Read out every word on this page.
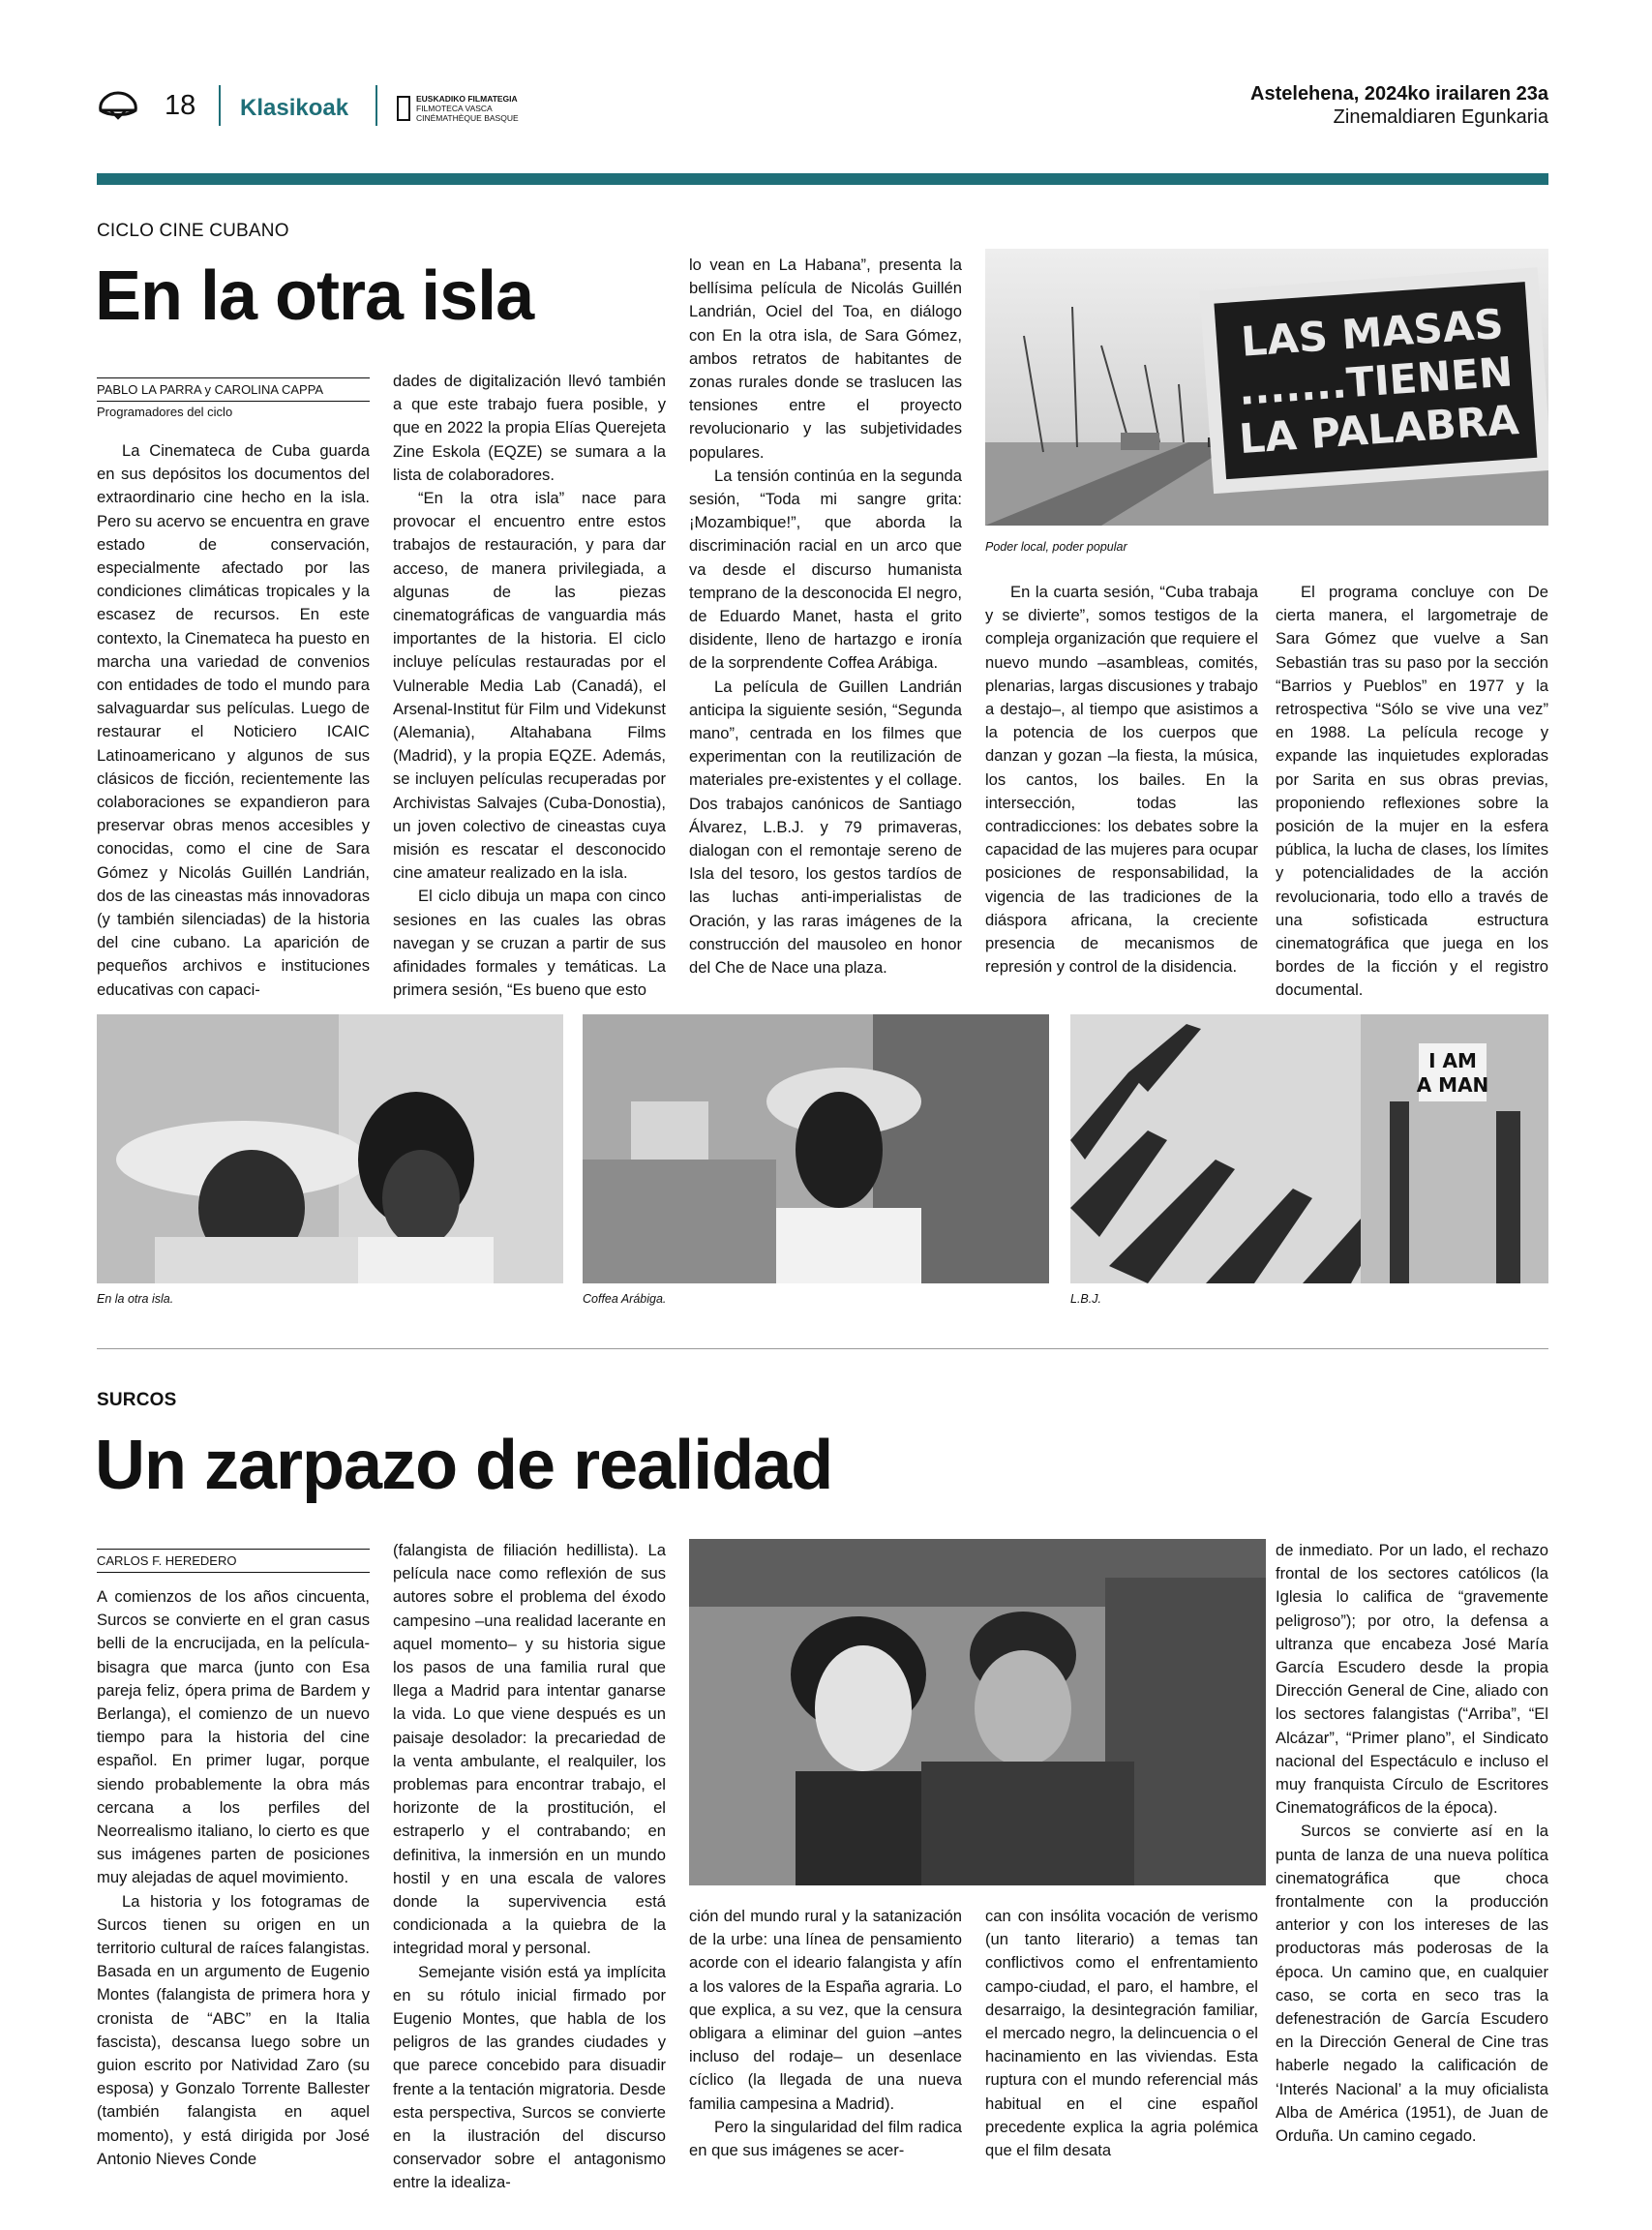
18 Klasikoak	EUSKADIKO FILMATEGIA
FILMOTECA VASCA
CINÉMATHÈQUE BASQUE
Astelehena, 2024ko irailaren 23a
Zinemaldiaren Egunkaria
CICLO CINE CUBANO
En la otra isla
PABLO LA PARRA y CAROLINA CAPPA
Programadores del ciclo

La Cinemateca de Cuba guarda en sus depósitos los documentos del extraordinario cine hecho en la isla. Pero su acervo se encuentra en grave estado de conservación, especialmente afectado por las condiciones climáticas tropicales y la escasez de recursos. En este contexto, la Cinemateca ha puesto en marcha una variedad de convenios con entidades de todo el mundo para salvaguardar sus películas. Luego de restaurar el Noticiero ICAIC Latinoamericano y algunos de sus clásicos de ficción, recientemente las colaboraciones se expandieron para preservar obras menos accesibles y conocidas, como el cine de Sara Gómez y Nicolás Guillén Landrián, dos de las cineastas más innovadoras (y también silenciadas) de la historia del cine cubano. La aparición de pequeños archivos e instituciones educativas con capaci-

dades de digitalización llevó también a que este trabajo fuera posible, y que en 2022 la propia Elías Querejeta Zine Eskola (EQZE) se sumara a la lista de colaboradores.

“En la otra isla” nace para provocar el encuentro entre estos trabajos de restauración, y para dar acceso, de manera privilegiada, a algunas de las piezas cinematográficas de vanguardia más importantes de la historia. El ciclo incluye películas restauradas por el Vulnerable Media Lab (Canadá), el Arsenal-Institut für Film und Videkunst (Alemania), Altahabana Films (Madrid), y la propia EQZE. Además, se incluyen películas recuperadas por Archivistas Salvajes (Cuba-Donostia), un joven colectivo de cineastas cuya misión es rescatar el desconocido cine amateur realizado en la isla.

El ciclo dibuja un mapa con cinco sesiones en las cuales las obras navegan y se cruzan a partir de sus afinidades formales y temáticas. La primera sesión, “Es bueno que esto

lo vean en La Habana”, presenta la bellísima película de Nicolás Guillén Landrián, Ociel del Toa, en diálogo con En la otra isla, de Sara Gómez, ambos retratos de habitantes de zonas rurales donde se traslucen las tensiones entre el proyecto revolucionario y las subjetividades populares.

La tensión continúa en la segunda sesión, “Toda mi sangre grita: ¡Mozambique!”, que aborda la discriminación racial en un arco que va desde el discurso humanista temprano de la desconocida El negro, de Eduardo Manet, hasta el grito disidente, lleno de hartazgo e ironía de la sorprendente Coffea Arábiga.

La película de Guillen Landrián anticipa la siguiente sesión, “Segunda mano”, centrada en los filmes que experimentan con la reutilización de materiales pre-existentes y el collage. Dos trabajos canónicos de Santiago Álvarez, L.B.J. y 79 primaveras, dialogan con el remontaje sereno de Isla del tesoro, los gestos tardíos de las luchas anti-imperialistas de Oración, y las raras imágenes de la construcción del mausoleo en honor del Che de Nace una plaza.

LAS MASAS
.......TIENEN
LA PALABRA
Poder local, poder popular

En la cuarta sesión, “Cuba trabaja y se divierte”, somos testigos de la compleja organización que requiere el nuevo mundo –asambleas, comités, plenarias, largas discusiones y trabajo a destajo–, al tiempo que asistimos a la potencia de los cuerpos que danzan y gozan –la fiesta, la música, los cantos, los bailes. En la intersección, todas las contradicciones: los debates sobre la capacidad de las mujeres para ocupar posiciones de responsabilidad, la vigencia de las tradiciones de la diáspora africana, la creciente presencia de mecanismos de represión y control de la disidencia.

El programa concluye con De cierta manera, el largometraje de Sara Gómez que vuelve a San Sebastián tras su paso por la sección “Barrios y Pueblos” en 1977 y la retrospectiva “Sólo se vive una vez” en 1988. La película recoge y expande las inquietudes exploradas por Sarita en sus obras previas, proponiendo reflexiones sobre la posición de la mujer en la esfera pública, la lucha de clases, los límites y potencialidades de la acción revolucionaria, todo ello a través de una sofisticada estructura cinematográfica que juega en los bordes de la ficción y el registro documental.

I AM
A MAN
En la otra isla.	Coffea Arábiga.	L.B.J.
SURCOS
Un zarpazo de realidad
CARLOS F. HEREDERO

A comienzos de los años cincuenta, Surcos se convierte en el gran casus belli de la encrucijada, en la película-bisagra que marca (junto con Esa pareja feliz, ópera prima de Bardem y Berlanga), el comienzo de un nuevo tiempo para la historia del cine español. En primer lugar, porque siendo probablemente la obra más cercana a los perfiles del Neorrealismo italiano, lo cierto es que sus imágenes parten de posiciones muy alejadas de aquel movimiento.

La historia y los fotogramas de Surcos tienen su origen en un territorio cultural de raíces falangistas. Basada en un argumento de Eugenio Montes (falangista de primera hora y cronista de “ABC” en la Italia fascista), descansa luego sobre un guion escrito por Natividad Zaro (su esposa) y Gonzalo Torrente Ballester (también falangista en aquel momento), y está dirigida por José Antonio Nieves Conde

(falangista de filiación hedillista). La película nace como reflexión de sus autores sobre el problema del éxodo campesino –una realidad lacerante en aquel momento– y su historia sigue los pasos de una familia rural que llega a Madrid para intentar ganarse la vida. Lo que viene después es un paisaje desolador: la precariedad de la venta ambulante, el realquiler, los problemas para encontrar trabajo, el horizonte de la prostitución, el estraperlo y el contrabando; en definitiva, la inmersión en un mundo hostil y en una escala de valores donde la supervivencia está condicionada a la quiebra de la integridad moral y personal.

Semejante visión está ya implícita en su rótulo inicial firmado por Eugenio Montes, que habla de los peligros de las grandes ciudades y que parece concebido para disuadir frente a la tentación migratoria. Desde esta perspectiva, Surcos se convierte en la ilustración del discurso conservador sobre el antagonismo entre la idealiza-

ción del mundo rural y la satanización de la urbe: una línea de pensamiento acorde con el ideario falangista y afín a los valores de la España agraria. Lo que explica, a su vez, que la censura obligara a eliminar del guion –antes incluso del rodaje– un desenlace cíclico (la llegada de una nueva familia campesina a Madrid).

Pero la singularidad del film radica en que sus imágenes se acer-

can con insólita vocación de verismo (un tanto literario) a temas tan conflictivos como el enfrentamiento campo-ciudad, el paro, el hambre, el desarraigo, la desintegración familiar, el mercado negro, la delincuencia o el hacinamiento en las viviendas. Esta ruptura con el mundo referencial más habitual en el cine español precedente explica la agria polémica que el film desata

de inmediato. Por un lado, el rechazo frontal de los sectores católicos (la Iglesia lo califica de “gravemente peligroso”); por otro, la defensa a ultranza que encabeza José María García Escudero desde la propia Dirección General de Cine, aliado con los sectores falangistas (“Arriba”, “El Alcázar”, “Primer plano”, el Sindicato nacional del Espectáculo e incluso el muy franquista Círculo de Escritores Cinematográficos de la época).

Surcos se convierte así en la punta de lanza de una nueva política cinematográfica que choca frontalmente con la producción anterior y con los intereses de las productoras más poderosas de la época. Un camino que, en cualquier caso, se corta en seco tras la defenestración de García Escudero en la Dirección General de Cine tras haberle negado la calificación de ‘Interés Nacional’ a la muy oficialista Alba de América (1951), de Juan de Orduña. Un camino cegado.
